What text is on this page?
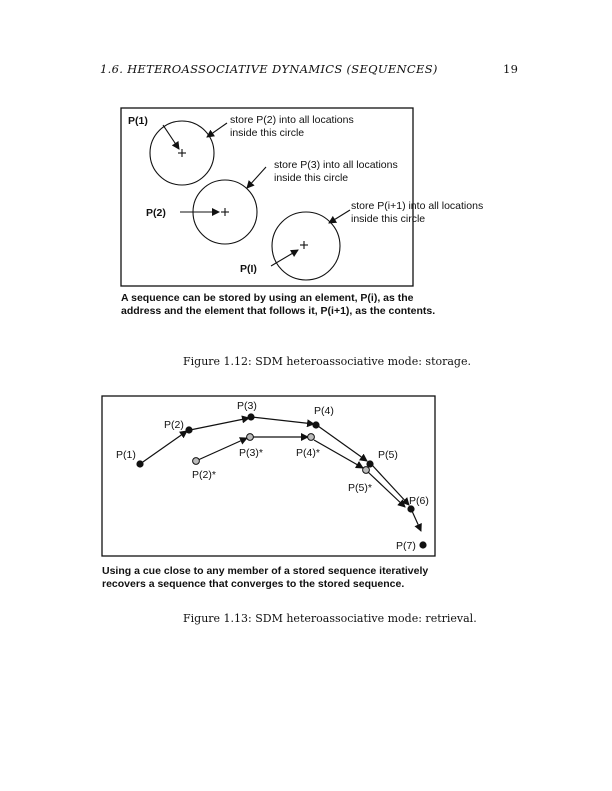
1.6. HETEROASSOCIATIVE DYNAMICS (SEQUENCES)	19
P(1)
P(2)
P(I)
store P(2) into all locations
inside this circle
store P(3) into all locations
inside this circle
store P(i+1) into all locations
inside this circle
A sequence can be stored by using an element, P(i), as the
address and the element that follows it, P(i+1), as the contents.
Figure 1.12: SDM heteroassociative mode: storage.
P(1)
P(2)
P(3)	P(4)
P(5)
P(6)
P(7)
P(2)*
P(3)*	P(4)*
P(5)*
Using a cue close to any member of a stored sequence iteratively
recovers a sequence that converges to the stored sequence.
Figure 1.13: SDM heteroassociative mode: retrieval.
